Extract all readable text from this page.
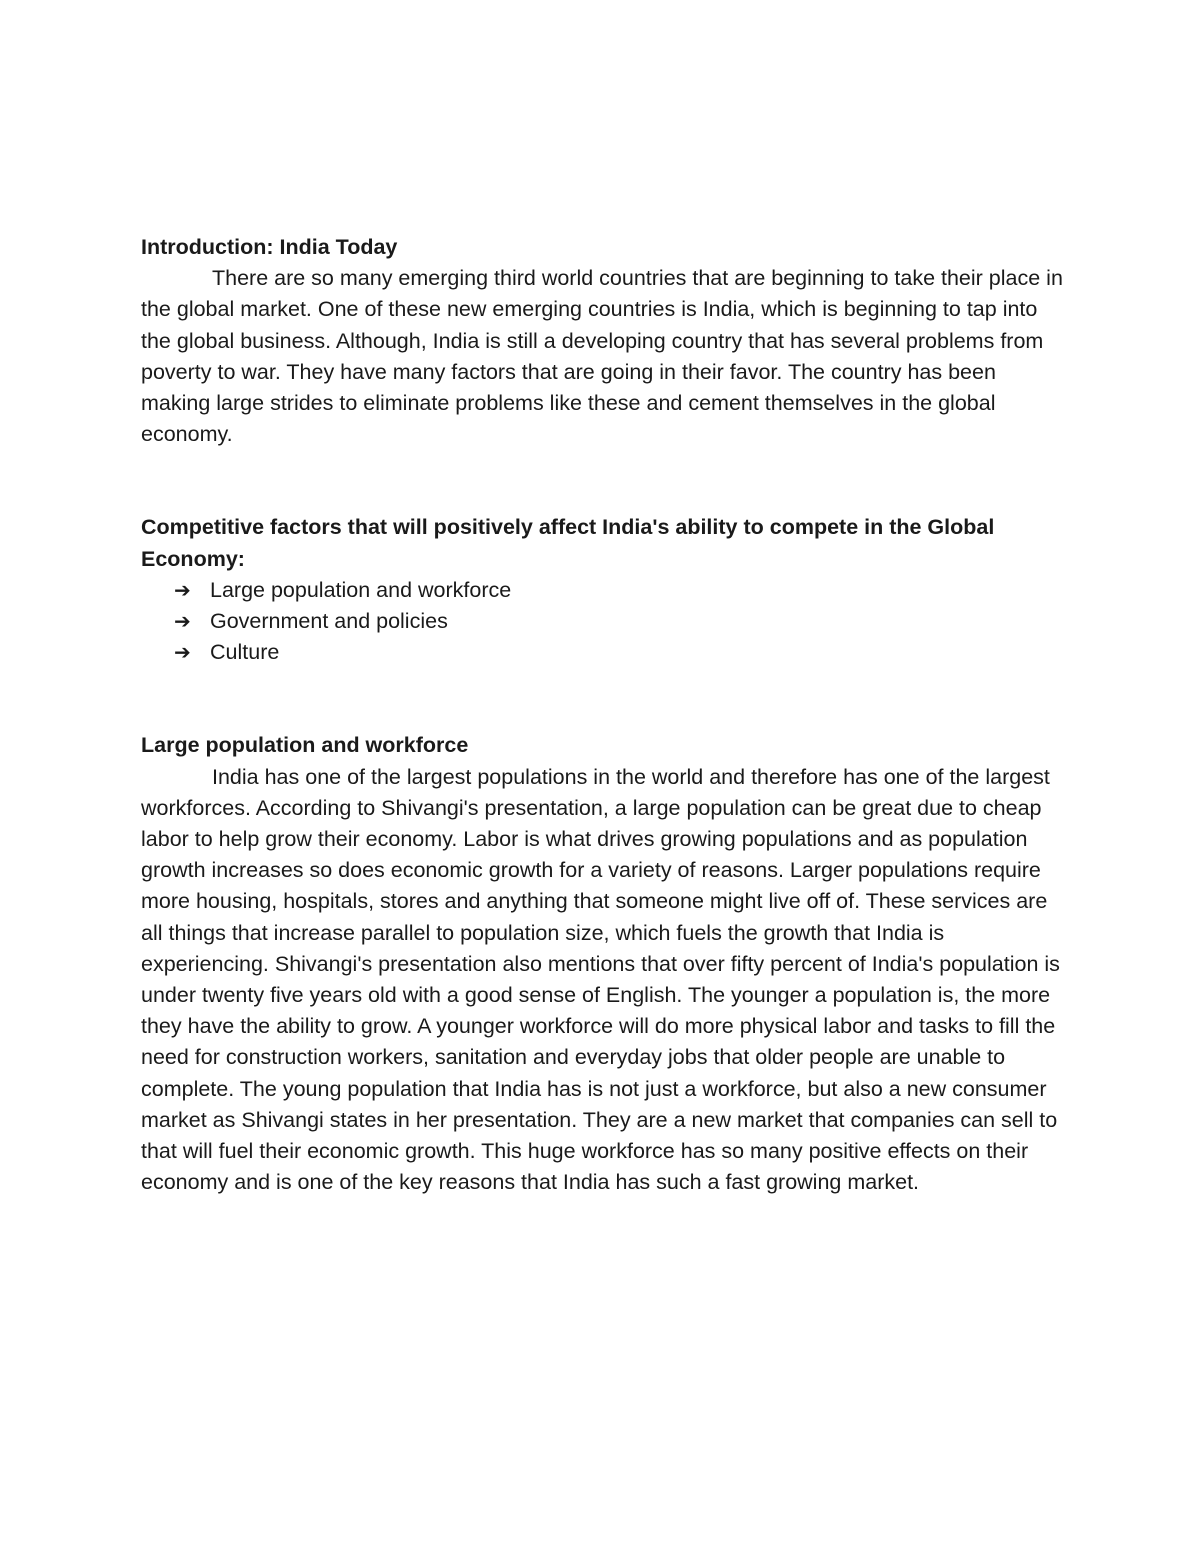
Introduction: India Today

There are so many emerging third world countries that are beginning to take their place in the global market. One of these new emerging countries is India, which is beginning to tap into the global business. Although, India is still a developing country that has several problems from poverty to war. They have many factors that are going in their favor. The country has been making large strides to eliminate problems like these and cement themselves in the global economy.

Competitive factors that will positively affect India's ability to compete in the Global Economy:
➔ Large population and workforce
➔ Government and policies
➔ Culture
Large population and workforce

India has one of the largest populations in the world and therefore has one of the largest workforces. According to Shivangi's presentation, a large population can be great due to cheap labor to help grow their economy. Labor is what drives growing populations and as population growth increases so does economic growth for a variety of reasons. Larger populations require more housing, hospitals, stores and anything that someone might live off of. These services are all things that increase parallel to population size, which fuels the growth that India is experiencing. Shivangi's presentation also mentions that over fifty percent of India's population is under twenty five years old with a good sense of English. The younger a population is, the more they have the ability to grow. A younger workforce will do more physical labor and tasks to fill the need for construction workers, sanitation and everyday jobs that older people are unable to complete. The young population that India has is not just a workforce, but also a new consumer market as Shivangi states in her presentation. They are a new market that companies can sell to that will fuel their economic growth. This huge workforce has so many positive effects on their economy and is one of the key reasons that India has such a fast growing market.
